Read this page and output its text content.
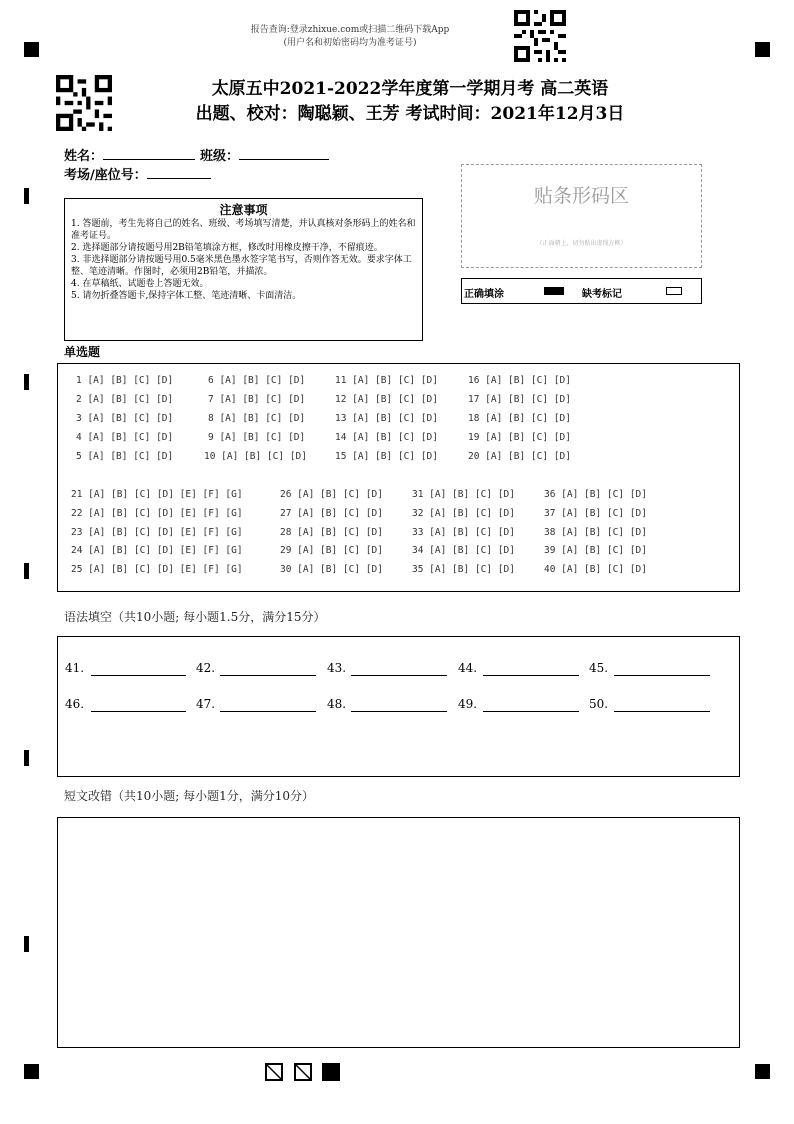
报告查询:登录zhixue.com或扫描二维码下载App
(用户名和初始密码均为准考证号)
太原五中2021-2022学年度第一学期月考 高二英语
出题、校对：陶聪颖、王芳 考试时间：2021年12月3日
姓名：	班级：
考场/座位号：
注意事项
1. 答题前，考生先将自己的姓名、班级、考场填写清楚，并认真核对条形码上的姓名和准考证号。
2. 选择题部分请按题号用2B铅笔填涂方框，修改时用橡皮擦干净，不留痕迹。
3. 非选择题部分请按题号用0.5毫米黑色墨水签字笔书写，否则作答无效。要求字体工整、笔迹清晰。作图时，必须用2B铅笔，并描浓。
4. 在草稿纸、试题卷上答题无效。
5. 请勿折叠答题卡,保持字体工整、笔迹清晰、卡面清洁。
贴条形码区
（正面朝上，切勿贴出虚线方框）
正确填涂	缺考标记
单选题
1 [A] [B] [C] [D]	6 [A] [B] [C] [D]	11 [A] [B] [C] [D]	16 [A] [B] [C] [D]
2 [A] [B] [C] [D]	7 [A] [B] [C] [D]	12 [A] [B] [C] [D]	17 [A] [B] [C] [D]
3 [A] [B] [C] [D]	8 [A] [B] [C] [D]	13 [A] [B] [C] [D]	18 [A] [B] [C] [D]
4 [A] [B] [C] [D]	9 [A] [B] [C] [D]	14 [A] [B] [C] [D]	19 [A] [B] [C] [D]
5 [A] [B] [C] [D]	10 [A] [B] [C] [D]	15 [A] [B] [C] [D]	20 [A] [B] [C] [D]
21 [A] [B] [C] [D] [E] [F] [G]	26 [A] [B] [C] [D]	31 [A] [B] [C] [D]	36 [A] [B] [C] [D]
22 [A] [B] [C] [D] [E] [F] [G]	27 [A] [B] [C] [D]	32 [A] [B] [C] [D]	37 [A] [B] [C] [D]
23 [A] [B] [C] [D] [E] [F] [G]	28 [A] [B] [C] [D]	33 [A] [B] [C] [D]	38 [A] [B] [C] [D]
24 [A] [B] [C] [D] [E] [F] [G]	29 [A] [B] [C] [D]	34 [A] [B] [C] [D]	39 [A] [B] [C] [D]
25 [A] [B] [C] [D] [E] [F] [G]	30 [A] [B] [C] [D]	35 [A] [B] [C] [D]	40 [A] [B] [C] [D]
语法填空（共10小题; 每小题1.5分，满分15分）
41.	42.	43.	44.	45.
46.	47.	48.	49.	50.
短文改错（共10小题; 每小题1分，满分10分）
